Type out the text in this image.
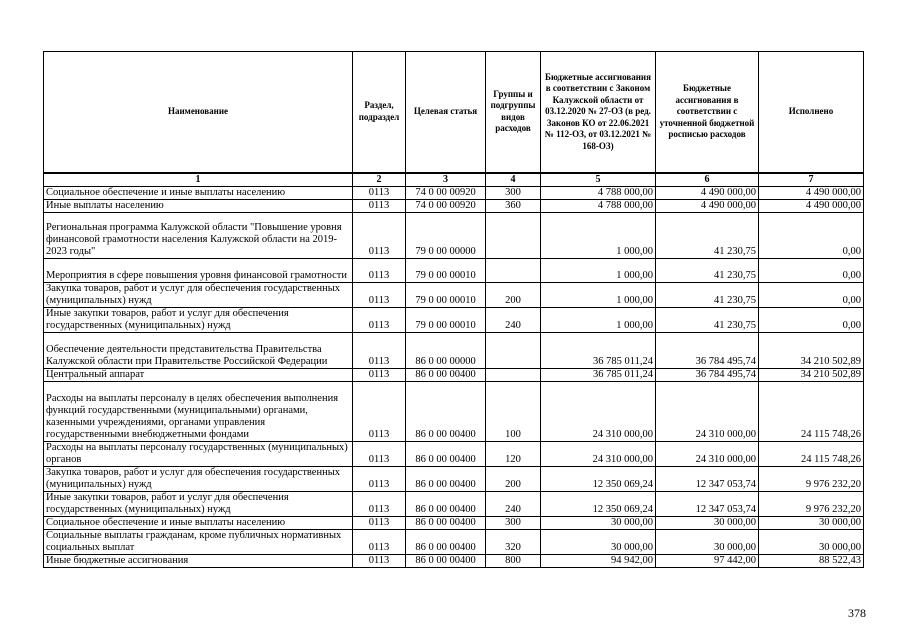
Наименование	Раздел, подраздел	Целевая статья	Группы и подгруппы видов расходов	Бюджетные ассигнования в соответствии с Законом Калужской области от 03.12.2020 № 27-ОЗ (в ред. Законов КО от 22.06.2021 № 112-ОЗ, от 03.12.2021 № 168-ОЗ)	Бюджетные ассигнования в соответствии с уточненной бюджетной росписью расходов	Исполнено
1	2	3	4	5	6	7
Социальное обеспечение и иные выплаты населению	0113	74 0 00 00920	300	4 788 000,00	4 490 000,00	4 490 000,00
Иные выплаты населению	0113	74 0 00 00920	360	4 788 000,00	4 490 000,00	4 490 000,00
Региональная программа Калужской области "Повышение уровня финансовой грамотности населения Калужской области на 2019-2023 годы"	0113	79 0 00 00000		1 000,00	41 230,75	0,00
Мероприятия в сфере повышения уровня финансовой грамотности	0113	79 0 00 00010		1 000,00	41 230,75	0,00
Закупка товаров, работ и услуг для обеспечения государственных (муниципальных) нужд	0113	79 0 00 00010	200	1 000,00	41 230,75	0,00
Иные закупки товаров, работ и услуг для обеспечения государственных (муниципальных) нужд	0113	79 0 00 00010	240	1 000,00	41 230,75	0,00
Обеспечение деятельности представительства Правительства Калужской области при Правительстве Российской Федерации	0113	86 0 00 00000		36 785 011,24	36 784 495,74	34 210 502,89
Центральный аппарат	0113	86 0 00 00400		36 785 011,24	36 784 495,74	34 210 502,89
Расходы на выплаты персоналу в целях обеспечения выполнения функций государственными (муниципальными) органами, казенными учреждениями, органами управления государственными внебюджетными фондами	0113	86 0 00 00400	100	24 310 000,00	24 310 000,00	24 115 748,26
Расходы на выплаты персоналу государственных (муниципальных) органов	0113	86 0 00 00400	120	24 310 000,00	24 310 000,00	24 115 748,26
Закупка товаров, работ и услуг для обеспечения государственных (муниципальных) нужд	0113	86 0 00 00400	200	12 350 069,24	12 347 053,74	9 976 232,20
Иные закупки товаров, работ и услуг для обеспечения государственных (муниципальных) нужд	0113	86 0 00 00400	240	12 350 069,24	12 347 053,74	9 976 232,20
Социальное обеспечение и иные выплаты населению	0113	86 0 00 00400	300	30 000,00	30 000,00	30 000,00
Социальные выплаты гражданам, кроме публичных нормативных социальных выплат	0113	86 0 00 00400	320	30 000,00	30 000,00	30 000,00
Иные бюджетные ассигнования	0113	86 0 00 00400	800	94 942,00	97 442,00	88 522,43
378
